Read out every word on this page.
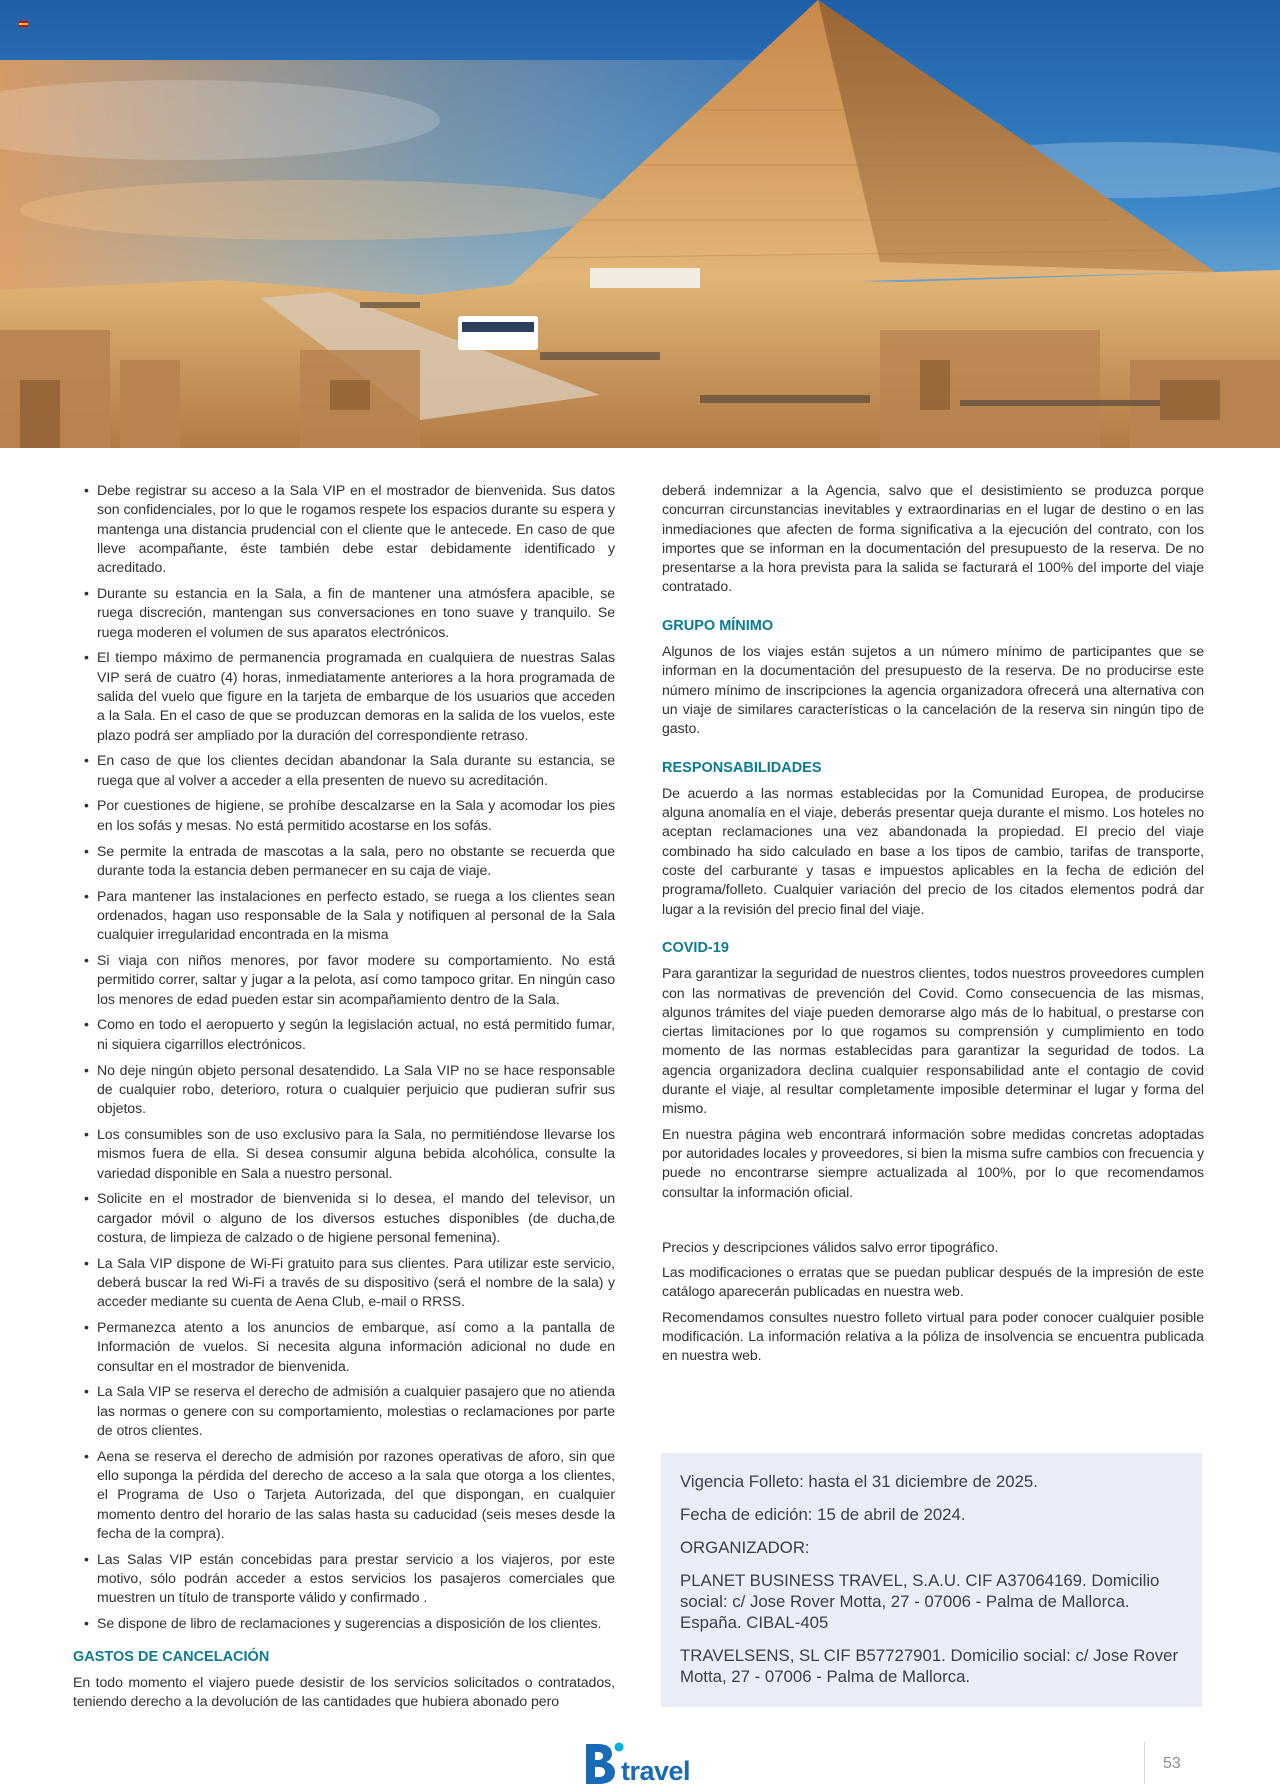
• Debe registrar su acceso a la Sala VIP en el mostrador de bienvenida. Sus datos son confidenciales, por lo que le rogamos respete los espacios durante su espera y mantenga una distancia prudencial con el cliente que le antecede. En caso de que lleve acompañante, éste también debe estar debidamente identificado y acreditado.
• Durante su estancia en la Sala, a fin de mantener una atmósfera apacible, se ruega discreción, mantengan sus conversaciones en tono suave y tranquilo. Se ruega moderen el volumen de sus aparatos electrónicos.
• El tiempo máximo de permanencia programada en cualquiera de nuestras Salas VIP será de cuatro (4) horas, inmediatamente anteriores a la hora programada de salida del vuelo que figure en la tarjeta de embarque de los usuarios que acceden a la Sala. En el caso de que se produzcan demoras en la salida de los vuelos, este plazo podrá ser ampliado por la duración del correspondiente retraso.
• En caso de que los clientes decidan abandonar la Sala durante su estancia, se ruega que al volver a acceder a ella presenten de nuevo su acreditación.
• Por cuestiones de higiene, se prohíbe descalzarse en la Sala y acomodar los pies en los sofás y mesas. No está permitido acostarse en los sofás.
• Se permite la entrada de mascotas a la sala, pero no obstante se recuerda que durante toda la estancia deben permanecer en su caja de viaje.
• Para mantener las instalaciones en perfecto estado, se ruega a los clientes sean ordenados, hagan uso responsable de la Sala y notifiquen al personal de la Sala cualquier irregularidad encontrada en la misma
• Si viaja con niños menores, por favor modere su comportamiento. No está permitido correr, saltar y jugar a la pelota, así como tampoco gritar. En ningún caso los menores de edad pueden estar sin acompañamiento dentro de la Sala.
• Como en todo el aeropuerto y según la legislación actual, no está permitido fumar, ni siquiera cigarrillos electrónicos.
• No deje ningún objeto personal desatendido. La Sala VIP no se hace responsable de cualquier robo, deterioro, rotura o cualquier perjuicio que pudieran sufrir sus objetos.
• Los consumibles son de uso exclusivo para la Sala, no permitiéndose llevarse los mismos fuera de ella. Si desea consumir alguna bebida alcohólica, consulte la variedad disponible en Sala a nuestro personal.
• Solicite en el mostrador de bienvenida si lo desea, el mando del televisor, un cargador móvil o alguno de los diversos estuches disponibles (de ducha,de costura, de limpieza de calzado o de higiene personal femenina).
• La Sala VIP dispone de Wi-Fi gratuito para sus clientes. Para utilizar este servicio, deberá buscar la red Wi-Fi a través de su dispositivo (será el nombre de la sala) y acceder mediante su cuenta de Aena Club, e-mail o RRSS.
• Permanezca atento a los anuncios de embarque, así como a la pantalla de Información de vuelos. Si necesita alguna información adicional no dude en consultar en el mostrador de bienvenida.
• La Sala VIP se reserva el derecho de admisión a cualquier pasajero que no atienda las normas o genere con su comportamiento, molestias o reclamaciones por parte de otros clientes.
• Aena se reserva el derecho de admisión por razones operativas de aforo, sin que ello suponga la pérdida del derecho de acceso a la sala que otorga a los clientes, el Programa de Uso o Tarjeta Autorizada, del que dispongan, en cualquier momento dentro del horario de las salas hasta su caducidad (seis meses desde la fecha de la compra).
• Las Salas VIP están concebidas para prestar servicio a los viajeros, por este motivo, sólo podrán acceder a estos servicios los pasajeros comerciales que muestren un título de transporte válido y confirmado .
• Se dispone de libro de reclamaciones y sugerencias a disposición de los clientes.
GASTOS DE CANCELACIÓN

En todo momento el viajero puede desistir de los servicios solicitados o contratados, teniendo derecho a la devolución de las cantidades que hubiera abonado pero

deberá indemnizar a la Agencia, salvo que el desistimiento se produzca porque concurran circunstancias inevitables y extraordinarias en el lugar de destino o en las inmediaciones que afecten de forma significativa a la ejecución del contrato, con los importes que se informan en la documentación del presupuesto de la reserva. De no presentarse a la hora prevista para la salida se facturará el 100% del importe del viaje contratado.

GRUPO MÍNIMO

Algunos de los viajes están sujetos a un número mínimo de participantes que se informan en la documentación del presupuesto de la reserva. De no producirse este número mínimo de inscripciones la agencia organizadora ofrecerá una alternativa con un viaje de similares características o la cancelación de la reserva sin ningún tipo de gasto.

RESPONSABILIDADES

De acuerdo a las normas establecidas por la Comunidad Europea, de producirse alguna anomalía en el viaje, deberás presentar queja durante el mismo. Los hoteles no aceptan reclamaciones una vez abandonada la propiedad. El precio del viaje combinado ha sido calculado en base a los tipos de cambio, tarifas de transporte, coste del carburante y tasas e impuestos aplicables en la fecha de edición del programa/folleto. Cualquier variación del precio de los citados elementos podrá dar lugar a la revisión del precio final del viaje.

COVID-19

Para garantizar la seguridad de nuestros clientes, todos nuestros proveedores cumplen con las normativas de prevención del Covid. Como consecuencia de las mismas, algunos trámites del viaje pueden demorarse algo más de lo habitual, o prestarse con ciertas limitaciones por lo que rogamos su comprensión y cumplimiento en todo momento de las normas establecidas para garantizar la seguridad de todos. La agencia organizadora declina cualquier responsabilidad ante el contagio de covid durante el viaje, al resultar completamente imposible determinar el lugar y forma del mismo.

En nuestra página web encontrará información sobre medidas concretas adoptadas por autoridades locales y proveedores, si bien la misma sufre cambios con frecuencia y puede no encontrarse siempre actualizada al 100%, por lo que recomendamos consultar la información oficial.

Precios y descripciones válidos salvo error tipográfico.

Las modificaciones o erratas que se puedan publicar después de la impresión de este catálogo aparecerán publicadas en nuestra web.

Recomendamos consultes nuestro folleto virtual para poder conocer cualquier posible modificación. La información relativa a la póliza de insolvencia se encuentra publicada en nuestra web.

Vigencia Folleto: hasta el 31 diciembre de 2025.

Fecha de edición: 15 de abril de 2024.

ORGANIZADOR:

PLANET BUSINESS TRAVEL, S.A.U. CIF A37064169. Domicilio social: c/ Jose Rover Motta, 27 - 07006 - Palma de Mallorca. España. CIBAL-405

TRAVELSENS, SL CIF B57727901. Domicilio social: c/ Jose Rover Motta, 27 - 07006 - Palma de Mallorca.

travel	53
